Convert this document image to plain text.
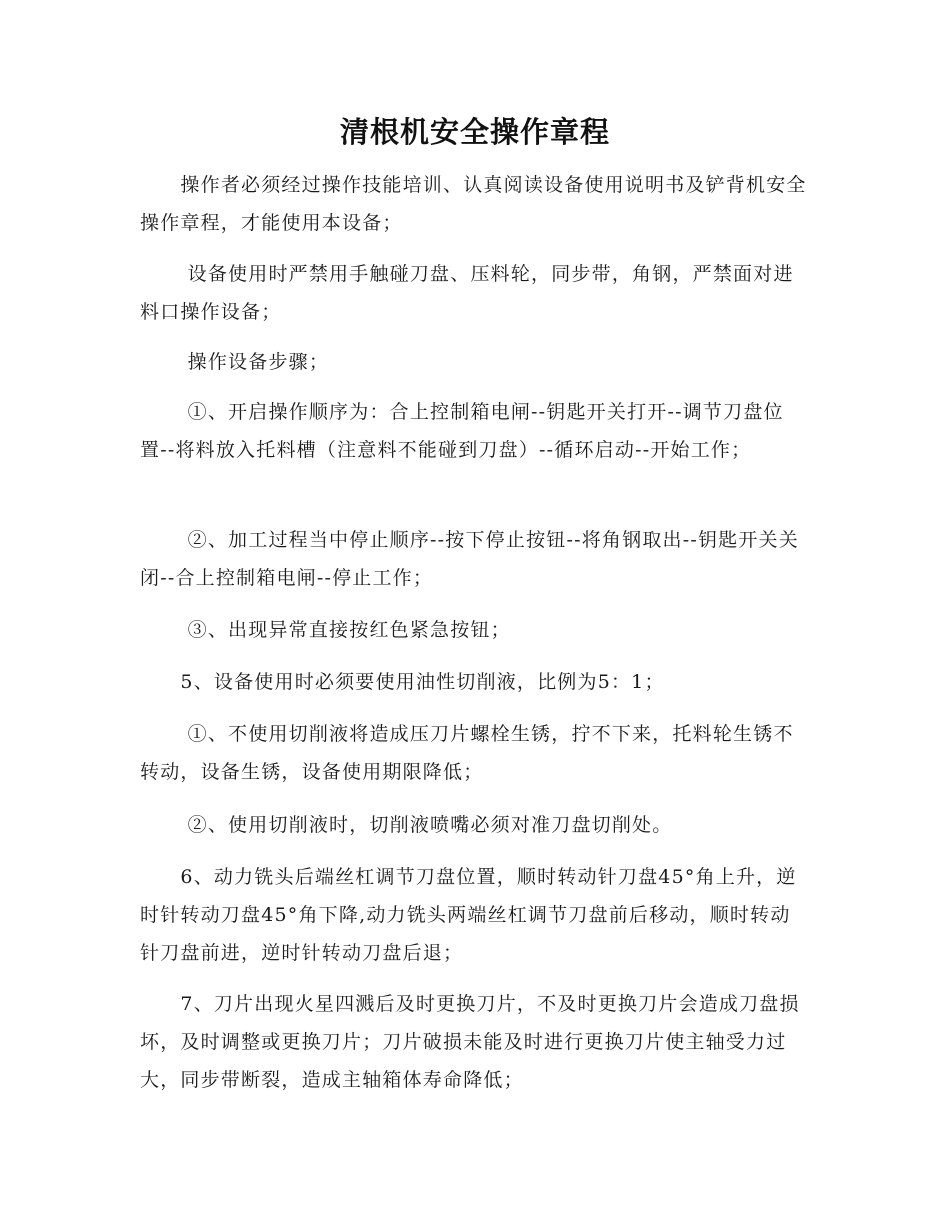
清根机安全操作章程

　　操作者必须经过操作技能培训、认真阅读设备使用说明书及铲背机安全操作章程，才能使用本设备；

　　 设备使用时严禁用手触碰刀盘、压料轮，同步带，角钢，严禁面对进料口操作设备；

　　 操作设备步骤；

　　 ①、开启操作顺序为：合上控制箱电闸--钥匙开关打开--调节刀盘位置--将料放入托料槽（注意料不能碰到刀盘）--循环启动--开始工作；

　　 ②、加工过程当中停止顺序--按下停止按钮--将角钢取出--钥匙开关关闭--合上控制箱电闸--停止工作；

　　 ③、出现异常直接按红色紧急按钮；

　　5、设备使用时必须要使用油性切削液，比例为5：1；

　　 ①、不使用切削液将造成压刀片螺栓生锈，拧不下来，托料轮生锈不转动，设备生锈，设备使用期限降低；

　　 ②、使用切削液时，切削液喷嘴必须对准刀盘切削处。

　　6、动力铣头后端丝杠调节刀盘位置，顺时转动针刀盘45°角上升，逆时针转动刀盘45°角下降,动力铣头两端丝杠调节刀盘前后移动，顺时转动针刀盘前进，逆时针转动刀盘后退；

　　7、刀片出现火星四溅后及时更换刀片，不及时更换刀片会造成刀盘损坏，及时调整或更换刀片；刀片破损未能及时进行更换刀片使主轴受力过大，同步带断裂，造成主轴箱体寿命降低；
